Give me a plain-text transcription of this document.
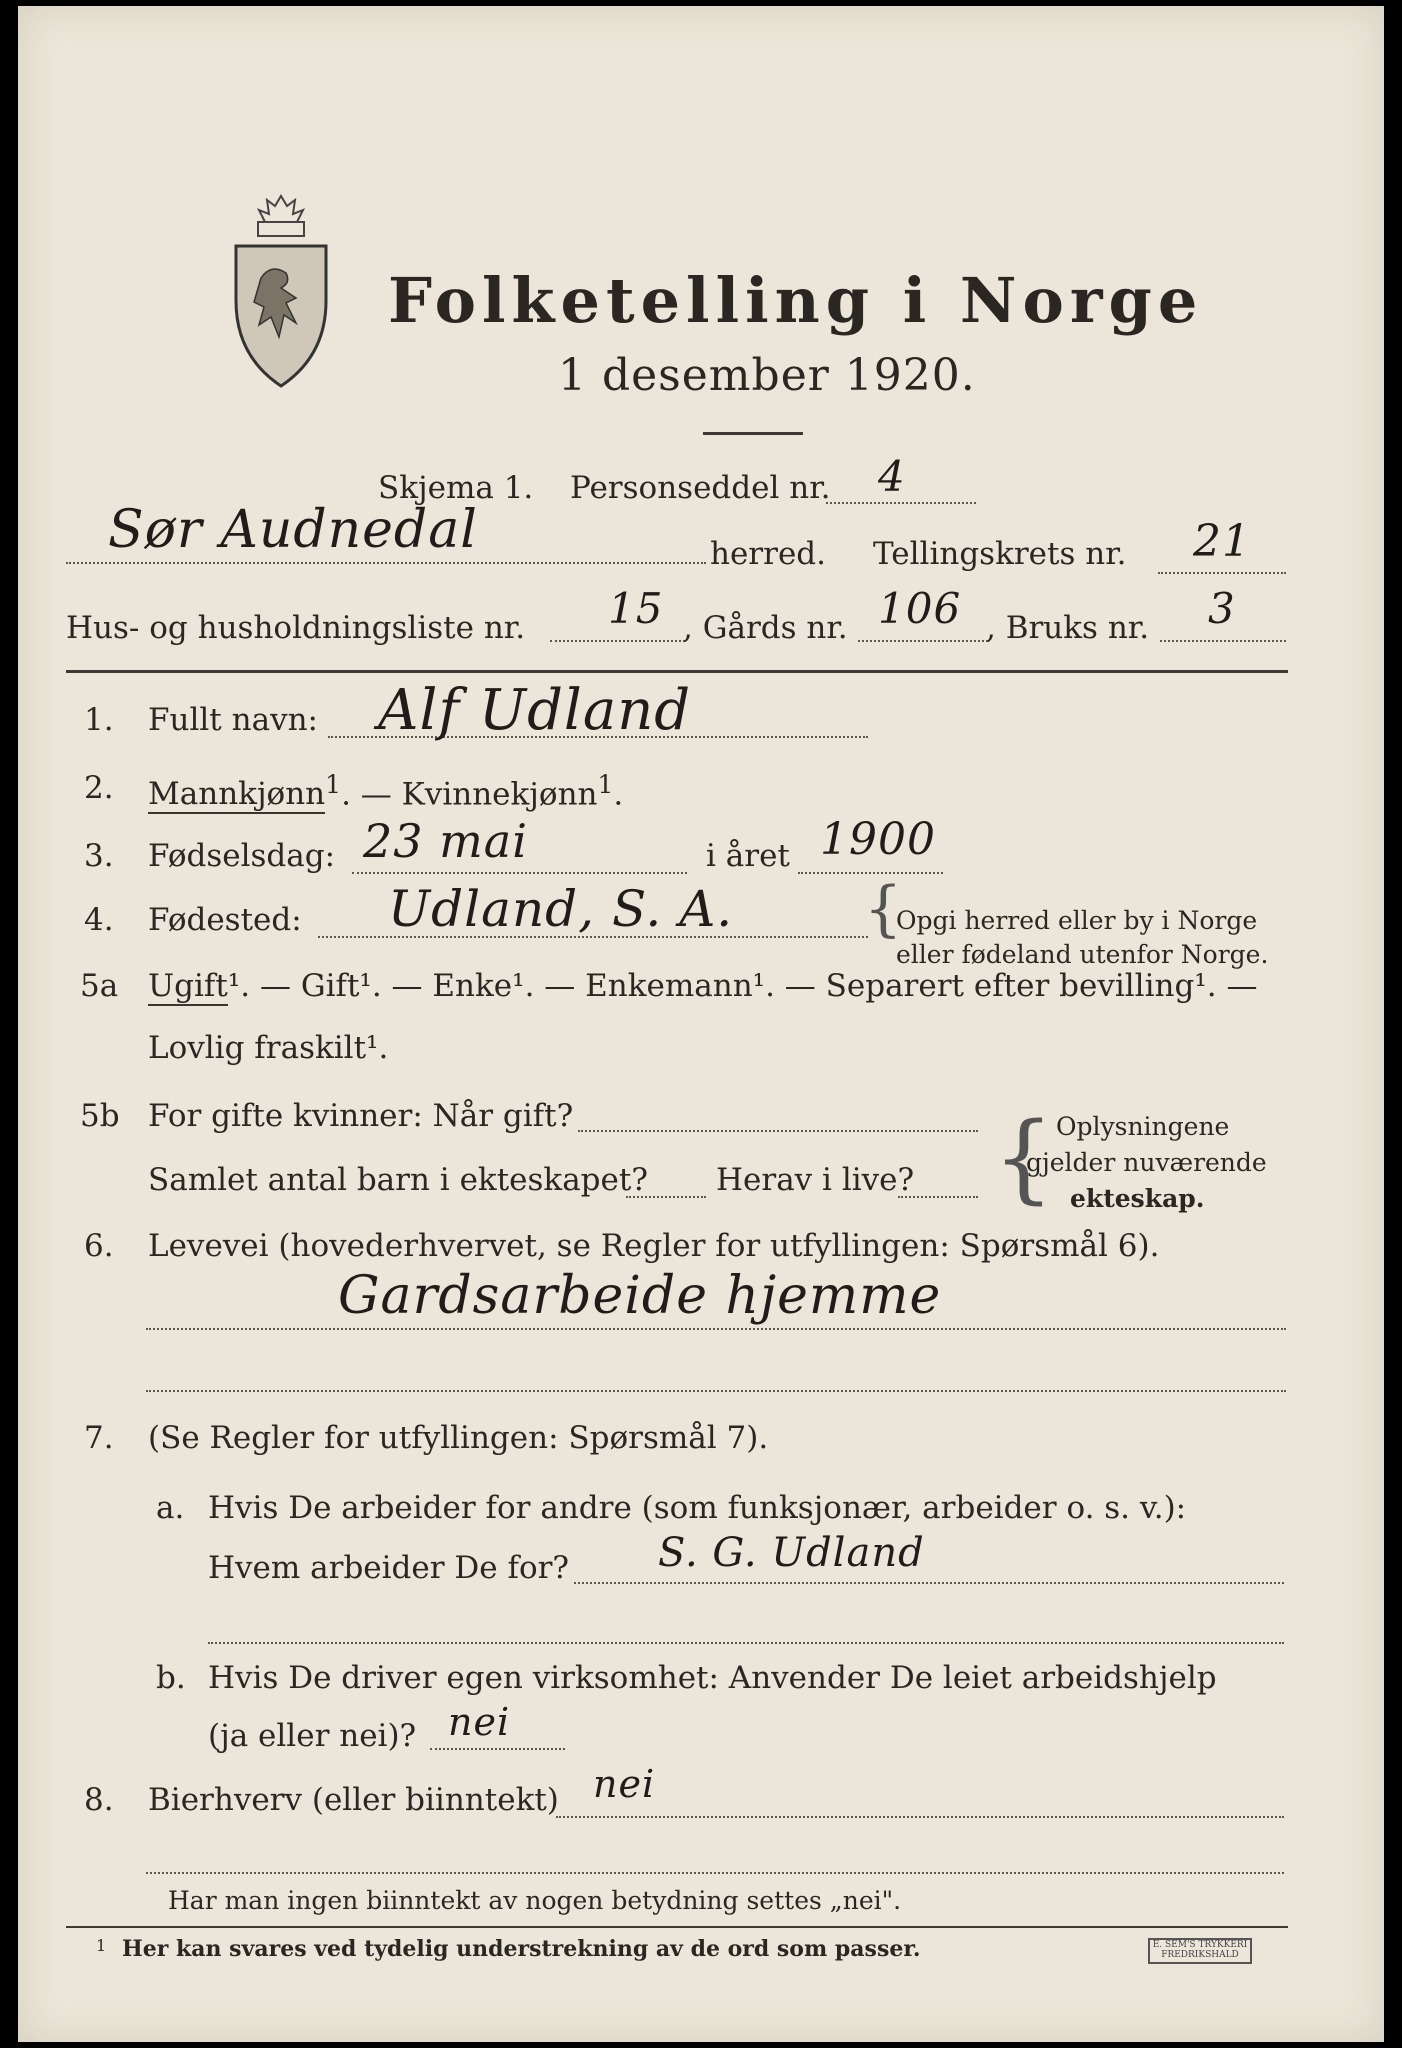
Folketelling i Norge
1 desember 1920.
Skjema 1. Personseddel nr. 4
Sør Audnedal	herred. Tellingskrets nr. 21
Hus- og husholdningsliste nr. 15 , Gårds nr. 106 , Bruks nr. 3
1. Fullt navn: Alf Udland
2. Mannkjønn$^1$. — Kvinnekjønn$^1$.
3. Fødselsdag: 23 mai	i året 1900
4. Fødested: Udland, S. A. {
Opgi herred eller by i Norge
eller fødeland utenfor Norge.
5a Ugift¹. — Gift¹. — Enke¹. — Enkemann¹. — Separert efter bevilling¹. —
Lovlig fraskilt¹.
5b For gifte kvinner: Når gift?
Samlet antal barn i ekteskapet? Herav i live? { Oplysningene
gjelder nuværende
ekteskap.
6. Levevei (hovederhvervet, se Regler for utfyllingen: Spørsmål 6).
Gardsarbeide hjemme
7. (Se Regler for utfyllingen: Spørsmål 7).
a. Hvis De arbeider for andre (som funksjonær, arbeider o. s. v.):
Hvem arbeider De for? S. G. Udland
b. Hvis De driver egen virksomhet: Anvender De leiet arbeidshjelp
(ja eller nei)? nei
8. Bierhverv (eller biinntekt) nei
Har man ingen biinntekt av nogen betydning settes „nei".
1 Her kan svares ved tydelig understrekning av de ord som passer.	E. SEM'S TRYKKERI FREDRIKSHALD
